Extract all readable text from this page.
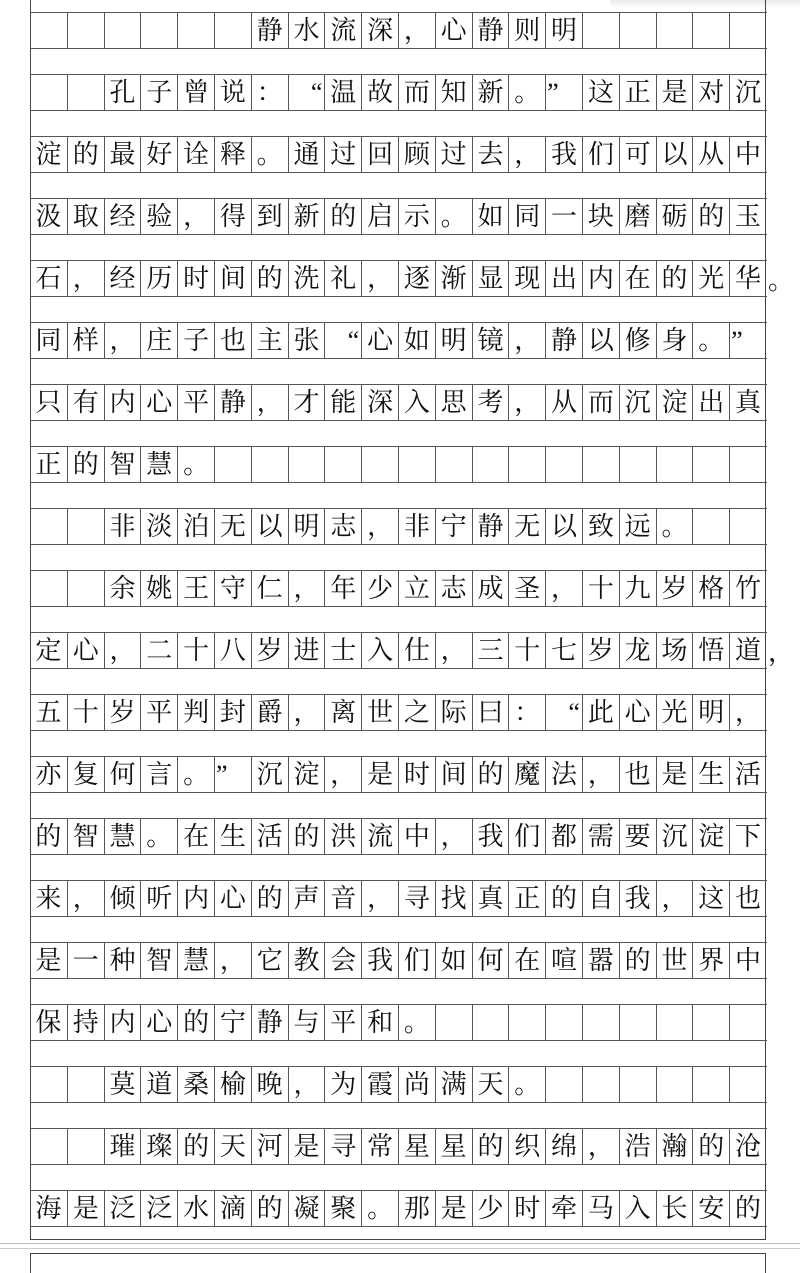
静 水 流 深 ， 心 静 则 明
孔 子 曾 说 ：	“ 温 故 而 知 新 。 ”	这 正 是 对 沉
淀 的 最 好 诠 释 。 通 过 回 顾 过 去 ， 我 们 可 以 从 中
汲 取 经 验 ， 得 到 新 的 启 示 。 如 同 一 块 磨 砺 的 玉
石 ， 经 历 时 间 的 洗 礼 ， 逐 渐 显 现 出 内 在 的 光 华 。
同 样 ， 庄 子 也 主 张	“ 心 如 明 镜 ， 静 以 修 身 。 ”
只 有 内 心 平 静 ， 才 能 深 入 思 考 ， 从 而 沉 淀 出 真
正 的 智 慧 。
非 淡 泊 无 以 明 志 ， 非 宁 静 无 以 致 远 。
余 姚 王 守 仁 ， 年 少 立 志 成 圣 ， 十 九 岁 格 竹
定 心 ， 二 十 八 岁 进 士 入 仕 ， 三 十 七 岁 龙 场 悟 道 ，
五 十 岁 平 判 封 爵 ， 离 世 之 际 曰 ：	“ 此 心 光 明 ，
亦 复 何 言 。 ”	沉 淀 ， 是 时 间 的 魔 法 ， 也 是 生 活
的 智 慧 。 在 生 活 的 洪 流 中 ， 我 们 都 需 要 沉 淀 下
来 ， 倾 听 内 心 的 声 音 ， 寻 找 真 正 的 自 我 ， 这 也
是 一 种 智 慧 ， 它 教 会 我 们 如 何 在 喧 嚣 的 世 界 中
保 持 内 心 的 宁 静 与 平 和 。
莫 道 桑 榆 晚 ， 为 霞 尚 满 天 。
璀 璨 的 天 河 是 寻 常 星 星 的 织 绵 ， 浩 瀚 的 沧
海 是 泛 泛 水 滴 的 凝 聚 。 那 是 少 时 牵 马 入 长 安 的
